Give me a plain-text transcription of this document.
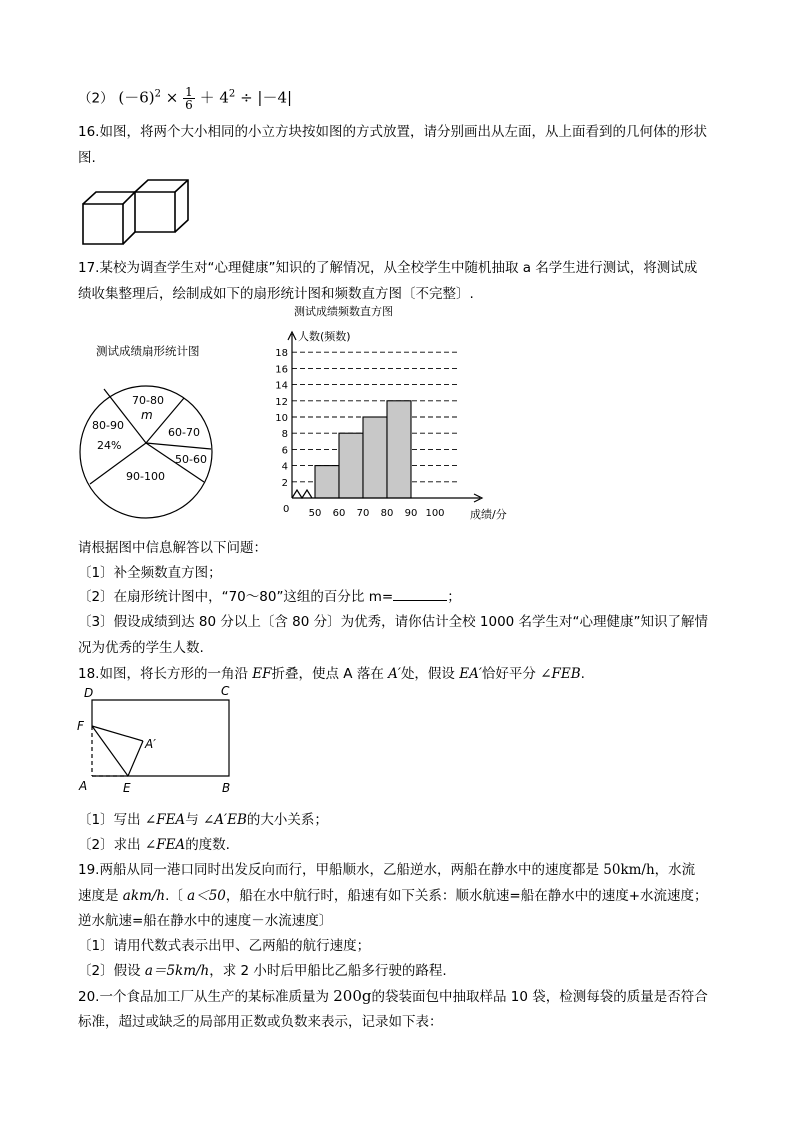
（2） $(-6)^2 \times \frac{1}{6} + 4^2 \div |-4|$
16.如图，将两个大小相同的小立方块按如图的方式放置，请分别画出从左面，从上面看到的几何体的形状
图.
17.某校为调查学生对“心理健康”知识的了解情况，从全校学生中随机抽取 a 名学生进行测试，将测试成
绩收集整理后，绘制成如下的扇形统计图和频数直方图〔不完整〕.
测试成绩扇形统计图
70-80
m
60-70
50-60
90-100
80-90
24%
测试成绩频数直方图
人数(频数)
成绩/分
2
4
6
8
10
12
14
16
18
50 60 70 80 90 100
0
请根据图中信息解答以下问题：
〔1〕补全频数直方图；
〔2〕在扇形统计图中，“70～80”这组的百分比 m=	；
〔3〕假设成绩到达 80 分以上〔含 80 分〕为优秀，请你估计全校 1000 名学生对“心理健康”知识了解情
况为优秀的学生人数.
18.如图，将长方形的一角沿 EF折叠，使点 A 落在 A′处，假设 EA′恰好平分 ∠FEB.
D	C
F
A′
A	E	B
〔1〕写出 ∠FEA与 ∠A′EB的大小关系；
〔2〕求出 ∠FEA的度数.
19.两船从同一港口同时出发反向而行，甲船顺水，乙船逆水，两船在静水中的速度都是 50km/h，水流
速度是 akm/h.〔 a＜50，船在水中航行时，船速有如下关系：顺水航速=船在静水中的速度+水流速度；
逆水航速=船在静水中的速度－水流速度〕
〔1〕请用代数式表示出甲、乙两船的航行速度；
〔2〕假设 a＝5km/h，求 2 小时后甲船比乙船多行驶的路程.
20.一个食品加工厂从生产的某标准质量为 200g的袋装面包中抽取样品 10 袋，检测每袋的质量是否符合
标准，超过或缺乏的局部用正数或负数来表示，记录如下表：
